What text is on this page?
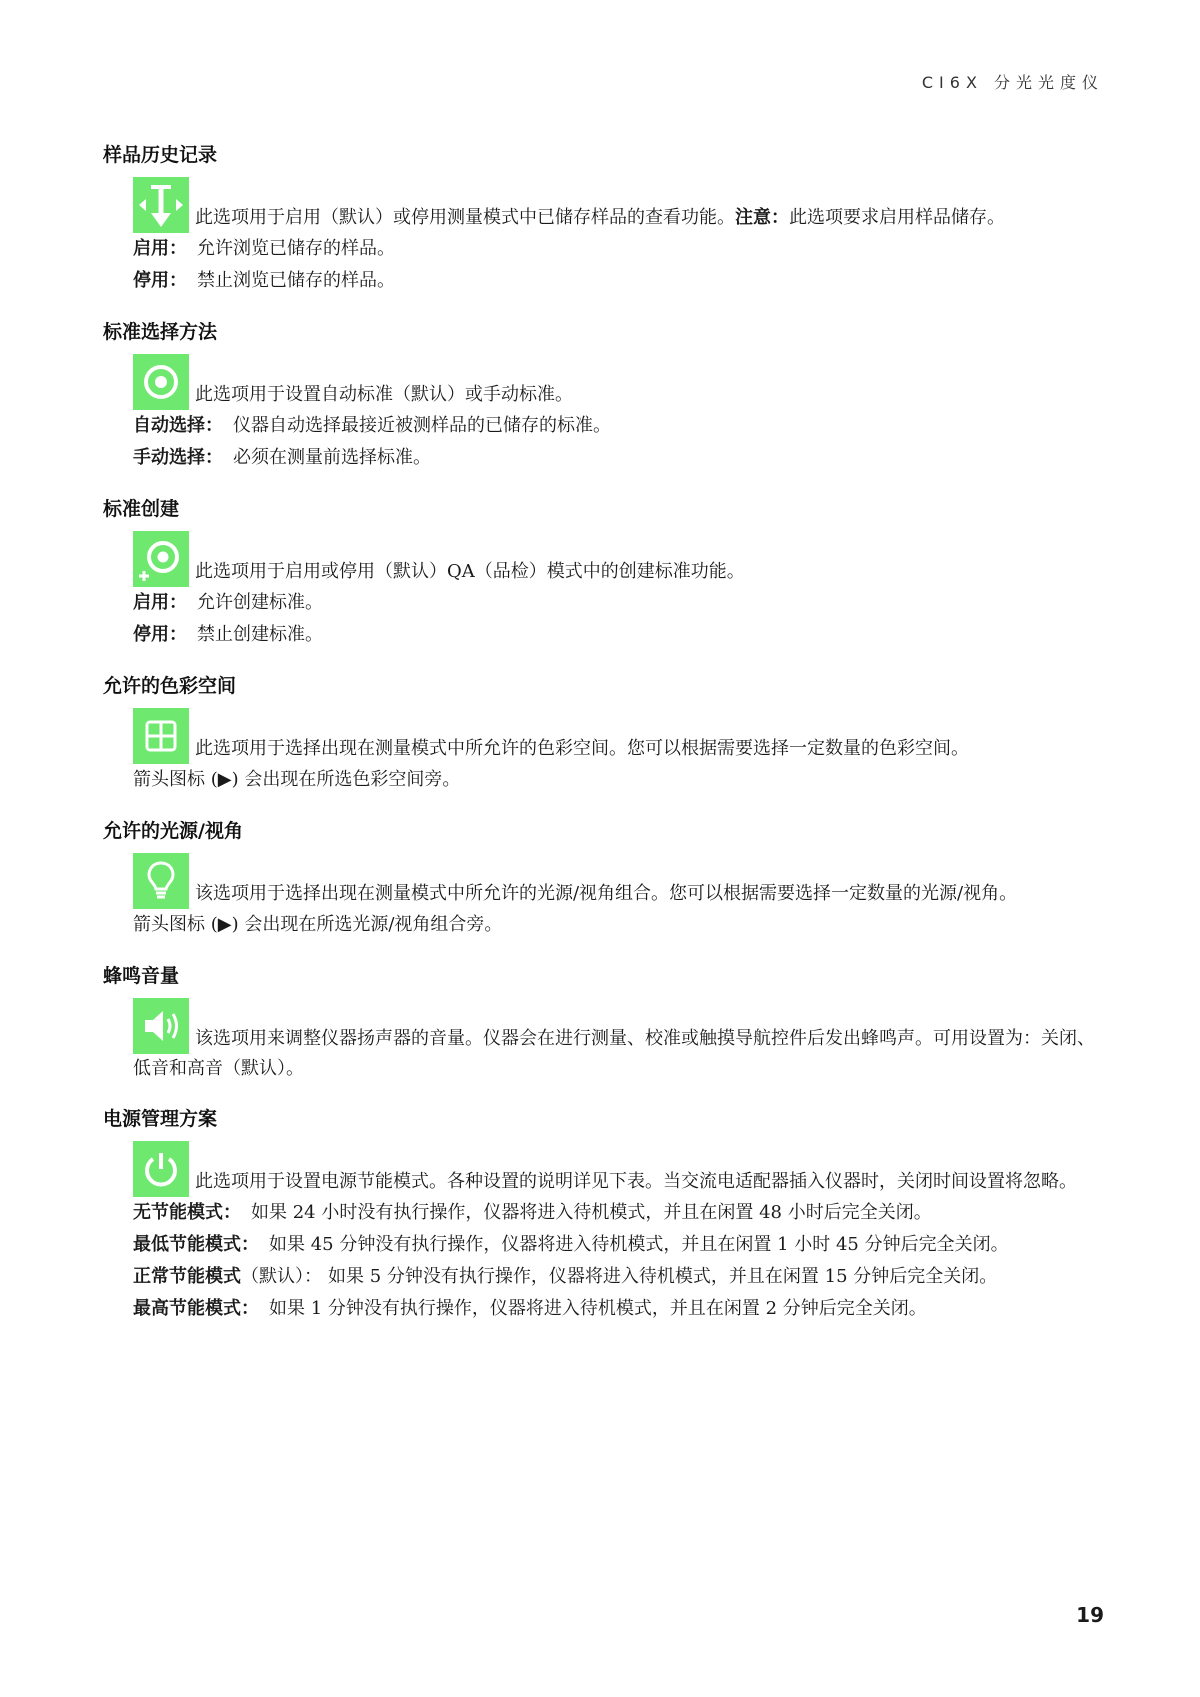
CI6X 分光光度仪
样品历史记录
此选项用于启用（默认）或停用测量模式中已储存样品的查看功能。注意：此选项要求启用样品储存。
启用： 允许浏览已储存的样品。
停用： 禁止浏览已储存的样品。
标准选择方法
此选项用于设置自动标准（默认）或手动标准。
自动选择： 仪器自动选择最接近被测样品的已储存的标准。
手动选择： 必须在测量前选择标准。
标准创建
此选项用于启用或停用（默认）QA（品检）模式中的创建标准功能。
启用： 允许创建标准。
停用： 禁止创建标准。
允许的色彩空间
此选项用于选择出现在测量模式中所允许的色彩空间。您可以根据需要选择一定数量的色彩空间。
箭头图标 (▶) 会出现在所选色彩空间旁。
允许的光源/视角
该选项用于选择出现在测量模式中所允许的光源/视角组合。您可以根据需要选择一定数量的光源/视角。
箭头图标 (▶) 会出现在所选光源/视角组合旁。
蜂鸣音量
该选项用来调整仪器扬声器的音量。仪器会在进行测量、校准或触摸导航控件后发出蜂鸣声。可用设置为：关闭、低音和高音（默认）。
电源管理方案
此选项用于设置电源节能模式。各种设置的说明详见下表。当交流电适配器插入仪器时，关闭时间设置将忽略。
无节能模式： 如果 24 小时没有执行操作，仪器将进入待机模式，并且在闲置 48 小时后完全关闭。
最低节能模式： 如果 45 分钟没有执行操作，仪器将进入待机模式，并且在闲置 1 小时 45 分钟后完全关闭。
正常节能模式（默认）： 如果 5 分钟没有执行操作，仪器将进入待机模式，并且在闲置 15 分钟后完全关闭。
最高节能模式： 如果 1 分钟没有执行操作，仪器将进入待机模式，并且在闲置 2 分钟后完全关闭。
19
